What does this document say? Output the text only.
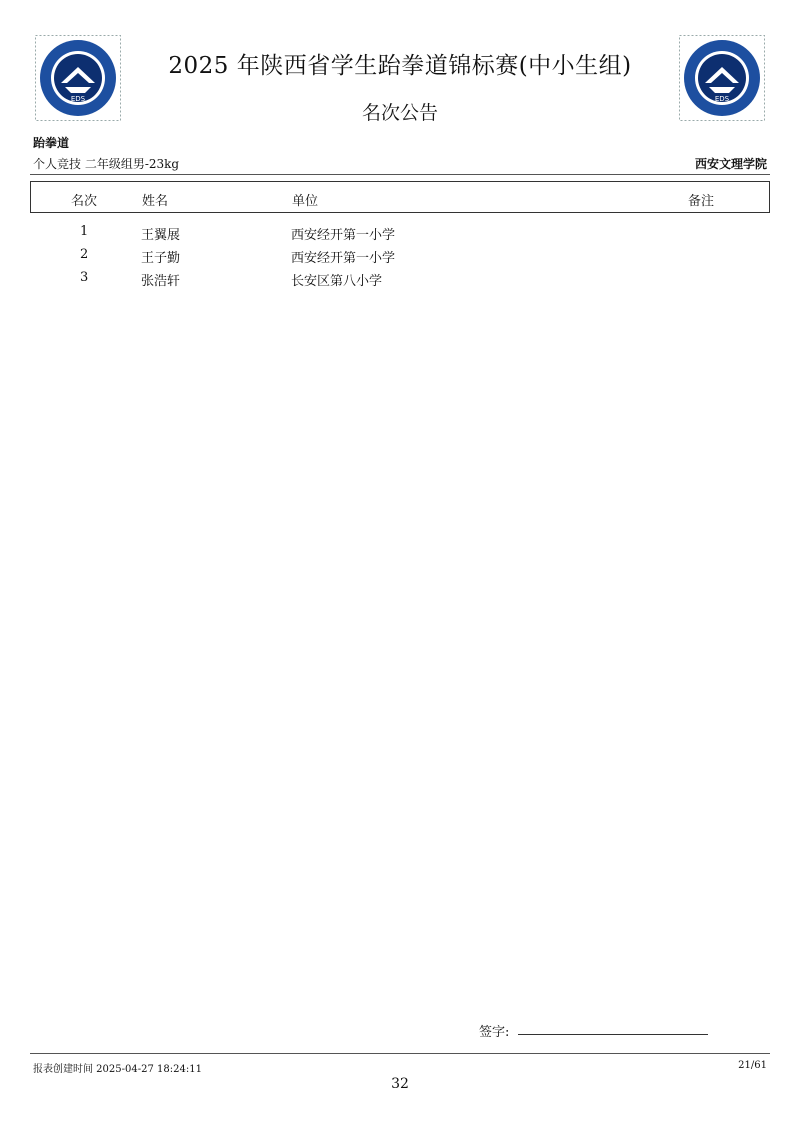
EDS	EDS
2025 年陕西省学生跆拳道锦标赛(中小生组)
名次公告
跆拳道
个人竞技 二年级组男-23kg	西安文理学院
名次	姓名	单位	备注
1	王翼展	西安经开第一小学
2	王子勤	西安经开第一小学
3	张浩轩	长安区第八小学
签字:
报表创建时间 2025-04-27 18:24:11	21/61
32
